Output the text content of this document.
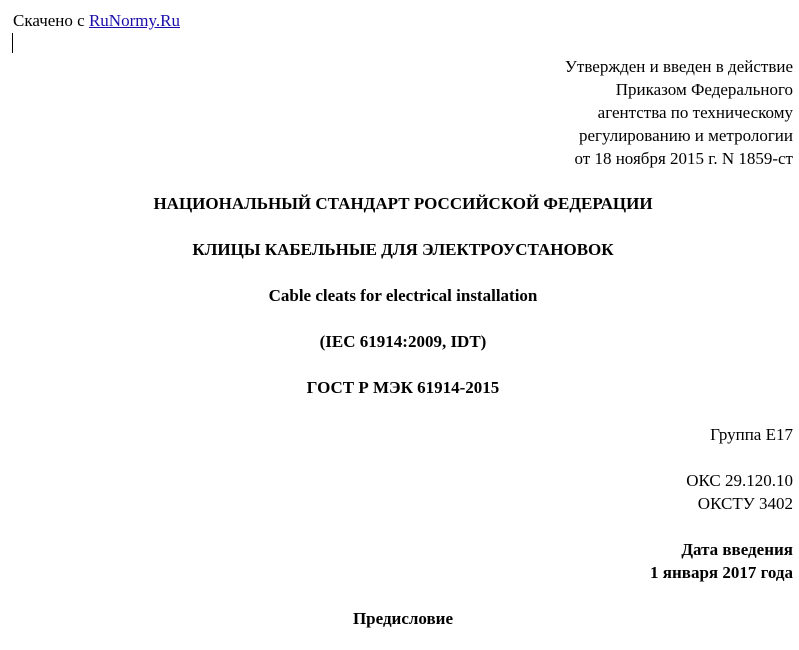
Скачено с RuNormy.Ru
Утвержден и введен в действие
Приказом Федерального
агентства по техническому
регулированию и метрологии
от 18 ноября 2015 г. N 1859-ст
НАЦИОНАЛЬНЫЙ СТАНДАРТ РОССИЙСКОЙ ФЕДЕРАЦИИ
КЛИЦЫ КАБЕЛЬНЫЕ ДЛЯ ЭЛЕКТРОУСТАНОВОК
Cable cleats for electrical installation
(IEC 61914:2009, IDT)
ГОСТ Р МЭК 61914-2015
Группа Е17
ОКС 29.120.10
ОКСТУ 3402
Дата введения
1 января 2017 года
Предисловие
